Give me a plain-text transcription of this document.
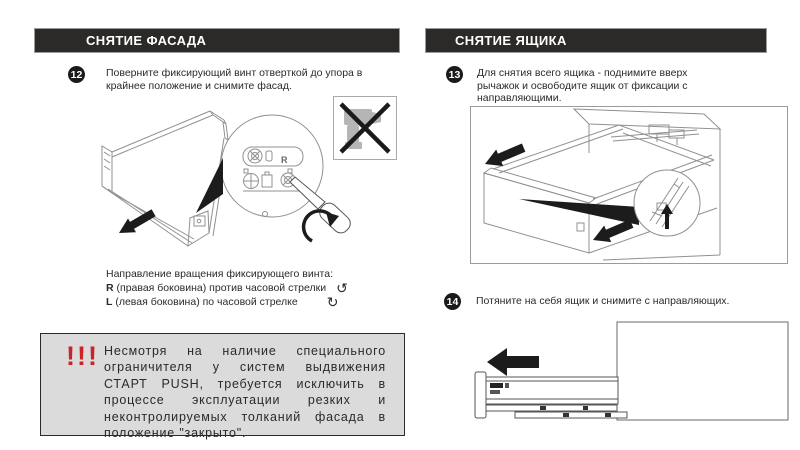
СНЯТИЕ ФАСАДА
12 Поверните фиксирующий винт отверткой до упора в крайнее положение и снимите фасад.
R
Направление вращения фиксирующего винта:
R (правая боковина) против часовой стрелки ↺
L (левая боковина) по часовой стрелке ↻
!!! Несмотря на наличие специального ограничителя у систем выдвижения СТАРТ PUSH, требуется исключить в процессе эксплуатации резких и неконтролируемых толканий фасада в положение "закрыто".
СНЯТИЕ ЯЩИКА
13 Для снятия всего ящика - поднимите вверх рычажок и освободите ящик от фиксации с направляющими.
14 Потяните на себя ящик и снимите с направляющих.
